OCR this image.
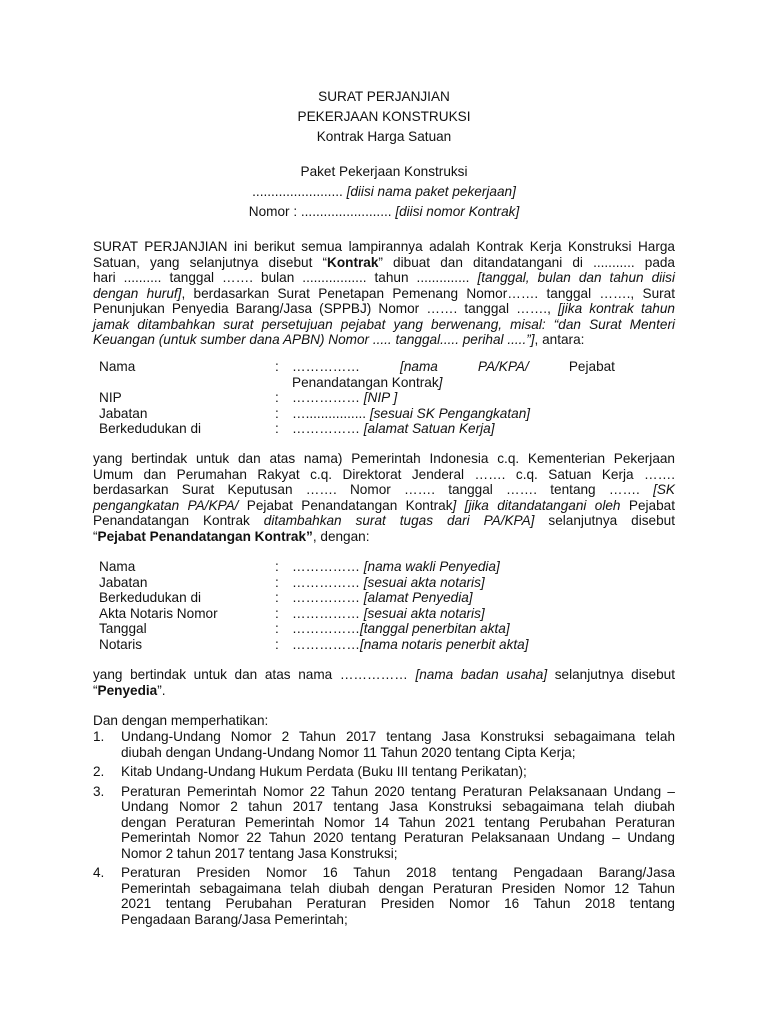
SURAT PERJANJIAN
PEKERJAAN KONSTRUKSI
Kontrak Harga Satuan
Paket Pekerjaan Konstruksi
........................ [diisi nama paket pekerjaan]
Nomor : ........................ [diisi nomor Kontrak]
SURAT PERJANJIAN ini berikut semua lampirannya adalah Kontrak Kerja Konstruksi Harga
Satuan, yang selanjutnya disebut “Kontrak” dibuat dan ditandatangani di ........... pada
hari .......... tanggal ……. bulan ................. tahun .............. [tanggal, bulan dan tahun diisi
dengan huruf], berdasarkan Surat Penetapan Pemenang Nomor……. tanggal ……., Surat
Penunjukan Penyedia Barang/Jasa (SPPBJ) Nomor ……. tanggal ……., [jika kontrak tahun
jamak ditambahkan surat persetujuan pejabat yang berwenang, misal: “dan Surat Menteri
Keuangan (untuk sumber dana APBN) Nomor ..... tanggal..... perihal .....”], antara:
Nama	: ……………	[nama	PA/KPA/	Pejabat
Penandatangan Kontrak]
NIP	: …………… [NIP ]
Jabatan	: …................ [sesuai SK Pengangkatan]
Berkedudukan di	: …………… [alamat Satuan Kerja]
yang bertindak untuk dan atas nama) Pemerintah Indonesia c.q. Kementerian Pekerjaan
Umum dan Perumahan Rakyat c.q. Direktorat Jenderal ……. c.q. Satuan Kerja …….
berdasarkan Surat Keputusan ……. Nomor ……. tanggal ……. tentang ……. [SK
pengangkatan PA/KPA/ Pejabat Penandatangan Kontrak] [jika ditandatangani oleh Pejabat
Penandatangan Kontrak ditambahkan surat tugas dari PA/KPA] selanjutnya disebut
“Pejabat Penandatangan Kontrak”, dengan:
Nama	: …………… [nama wakli Penyedia]
Jabatan	: …………… [sesuai akta notaris]
Berkedudukan di	: …………… [alamat Penyedia]
Akta Notaris Nomor	: …………… [sesuai akta notaris]
Tanggal	: ……………[tanggal penerbitan akta]
Notaris	: ……………[nama notaris penerbit akta]
yang bertindak untuk dan atas nama …………… [nama badan usaha] selanjutnya disebut
“Penyedia”.
Dan dengan memperhatikan:
1. Undang-Undang Nomor 2 Tahun 2017 tentang Jasa Konstruksi sebagaimana telah
diubah dengan Undang-Undang Nomor 11 Tahun 2020 tentang Cipta Kerja;
2. Kitab Undang-Undang Hukum Perdata (Buku III tentang Perikatan);
3. Peraturan Pemerintah Nomor 22 Tahun 2020 tentang Peraturan Pelaksanaan Undang –
Undang Nomor 2 tahun 2017 tentang Jasa Konstruksi sebagaimana telah diubah
dengan Peraturan Pemerintah Nomor 14 Tahun 2021 tentang Perubahan Peraturan
Pemerintah Nomor 22 Tahun 2020 tentang Peraturan Pelaksanaan Undang – Undang
Nomor 2 tahun 2017 tentang Jasa Konstruksi;
4. Peraturan Presiden Nomor 16 Tahun 2018 tentang Pengadaan Barang/Jasa
Pemerintah sebagaimana telah diubah dengan Peraturan Presiden Nomor 12 Tahun
2021 tentang Perubahan Peraturan Presiden Nomor 16 Tahun 2018 tentang
Pengadaan Barang/Jasa Pemerintah;
